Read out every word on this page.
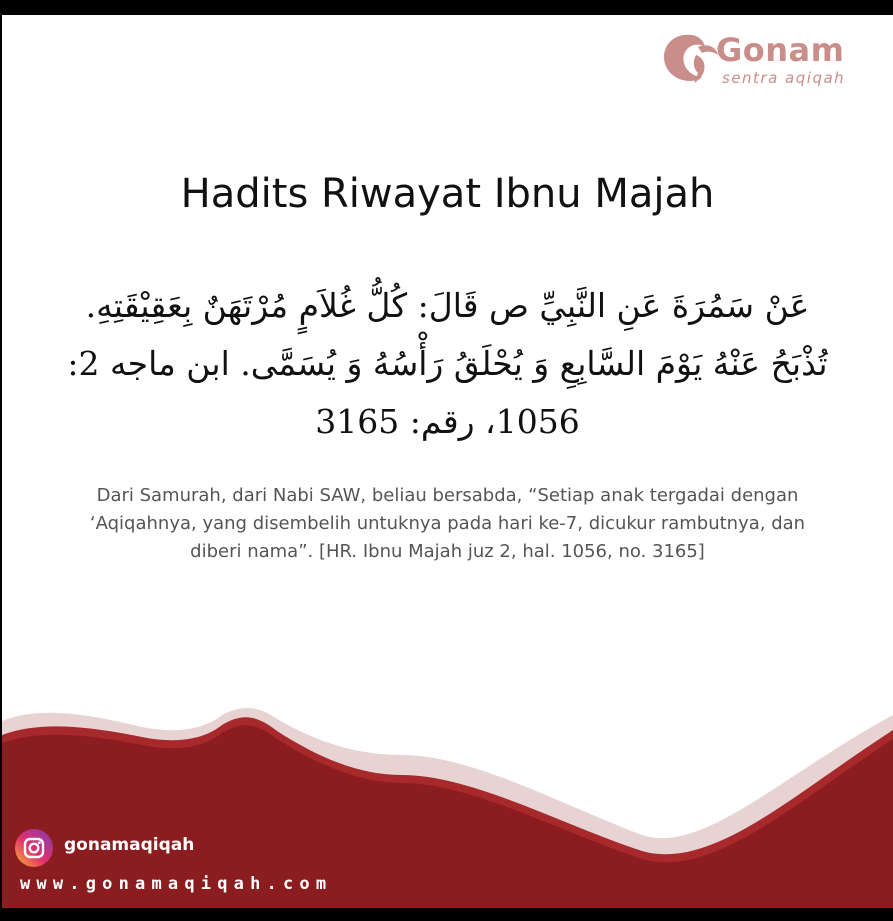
Gonam
sentra aqiqah
Hadits Riwayat Ibnu Majah
عَنْ سَمُرَةَ عَنِ النَّبِيِّ ص قَالَ: كُلُّ غُلاَمٍ مُرْتَهَنٌ بِعَقِيْقَتِهِ. تُذْبَحُ عَنْهُ يَوْمَ السَّابِعِ وَ يُحْلَقُ رَأْسُهُ وَ يُسَمَّى. ابن ماجه 2: 1056، رقم: 3165
Dari Samurah, dari Nabi SAW, beliau bersabda, “Setiap anak tergadai dengan ‘Aqiqahnya, yang disembelih untuknya pada hari ke-7, dicukur rambutnya, dan diberi nama”. [HR. Ibnu Majah juz 2, hal. 1056, no. 3165]
gonamaqiqah
www.gonamaqiqah.com
